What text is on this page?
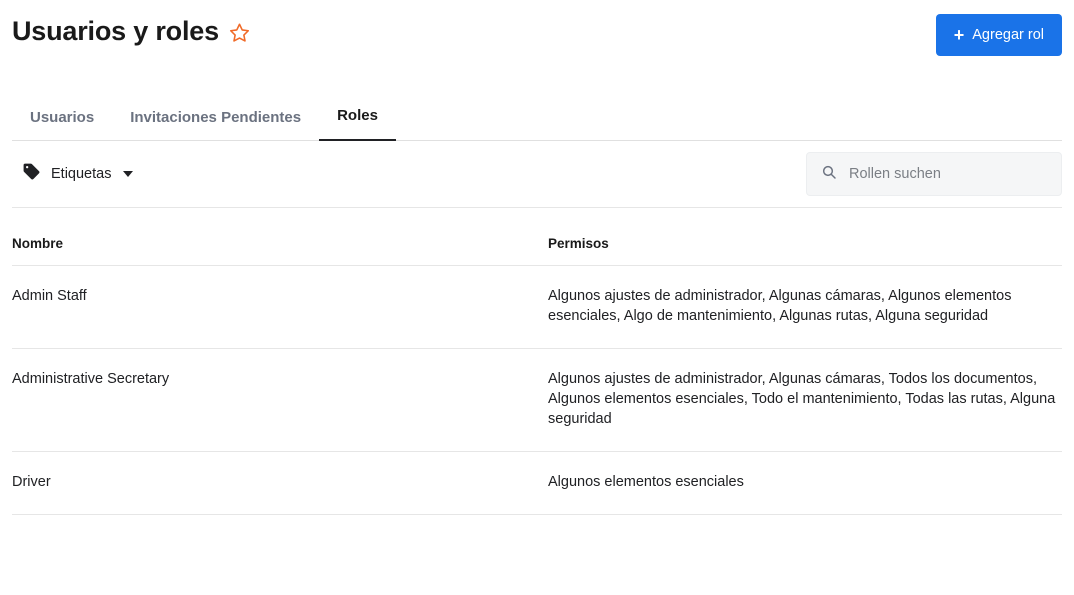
Usuarios y roles	+ Agregar rol
Usuarios	Invitaciones Pendientes	Roles
Etiquetas
Rollen suchen
Nombre	Permisos
Admin Staff	Algunos ajustes de administrador, Algunas cámaras, Algunos elementos esenciales, Algo de mantenimiento, Algunas rutas, Alguna seguridad
Administrative Secretary	Algunos ajustes de administrador, Algunas cámaras, Todos los documentos, Algunos elementos esenciales, Todo el mantenimiento, Todas las rutas, Alguna seguridad
Driver	Algunos elementos esenciales
